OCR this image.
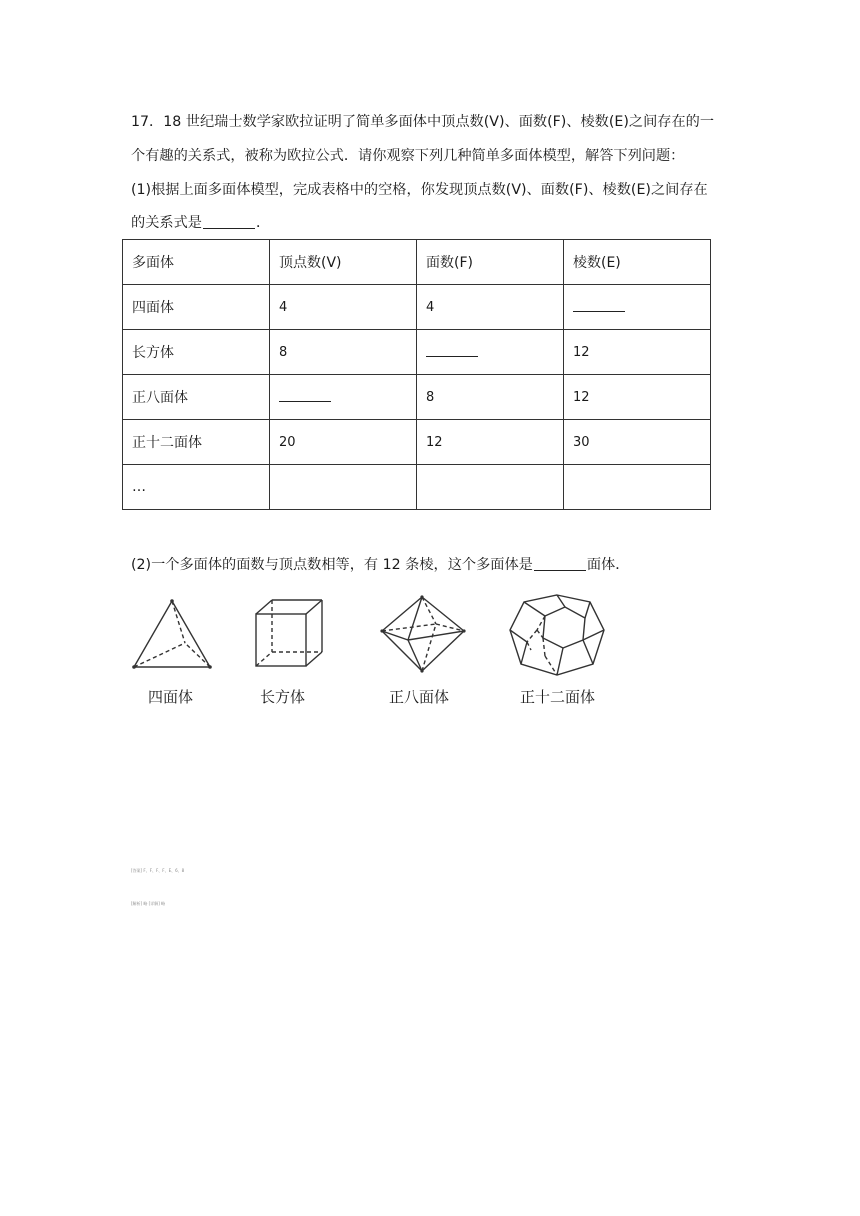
17．18 世纪瑞士数学家欧拉证明了简单多面体中顶点数(V)、面数(F)、棱数(E)之间存在的一
个有趣的关系式，被称为欧拉公式．请你观察下列几种简单多面体模型，解答下列问题：
(1)根据上面多面体模型，完成表格中的空格，你发现顶点数(V)、面数(F)、棱数(E)之间存在
的关系式是	．
多面体	顶点数(V)	面数(F)	棱数(E)
四面体	4	4	
长方体	8		12
正八面体		8	12
正十二面体	20	12	30
…			
(2)一个多面体的面数与顶点数相等，有 12 条棱，这个多面体是	面体．
四面体	长方体	正八面体	正十二面体
[答案] F、F、F、F、E、6、8
[解析] 略 [详解] 略
